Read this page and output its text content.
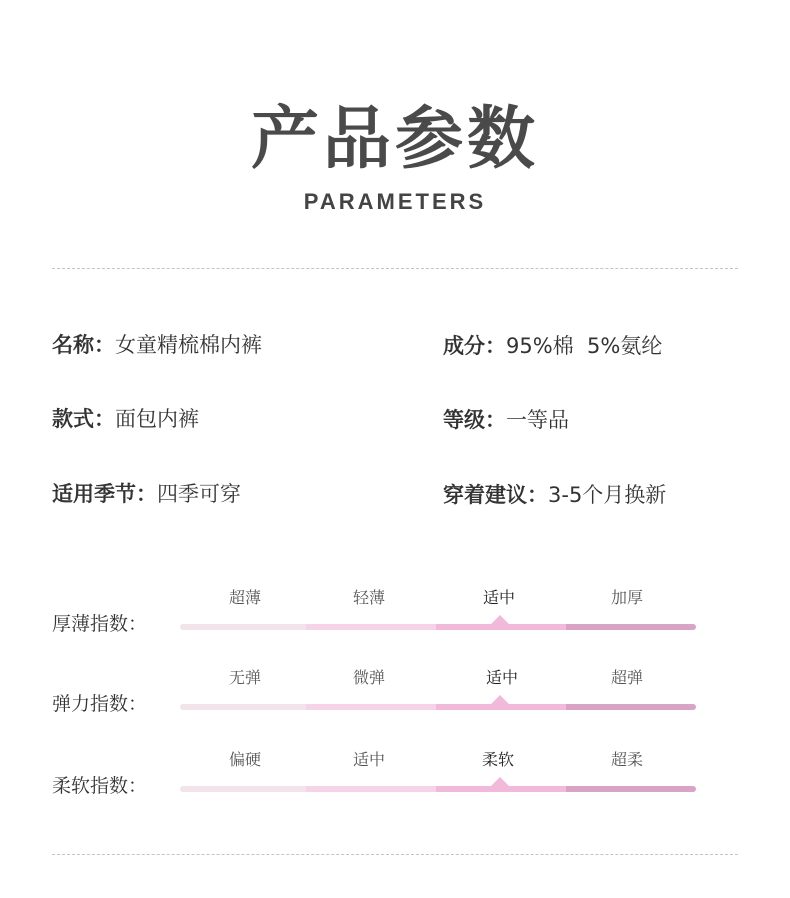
产品参数
PARAMETERS
名称：女童精梳棉内裤
款式：面包内裤
适用季节：四季可穿
成分：95%棉  5%氨纶
等级：一等品
穿着建议：3-5个月换新
厚薄指数：
超薄	轻薄	适中	加厚
弹力指数：
无弹	微弹	适中	超弹
柔软指数：
偏硬	适中	柔软	超柔
